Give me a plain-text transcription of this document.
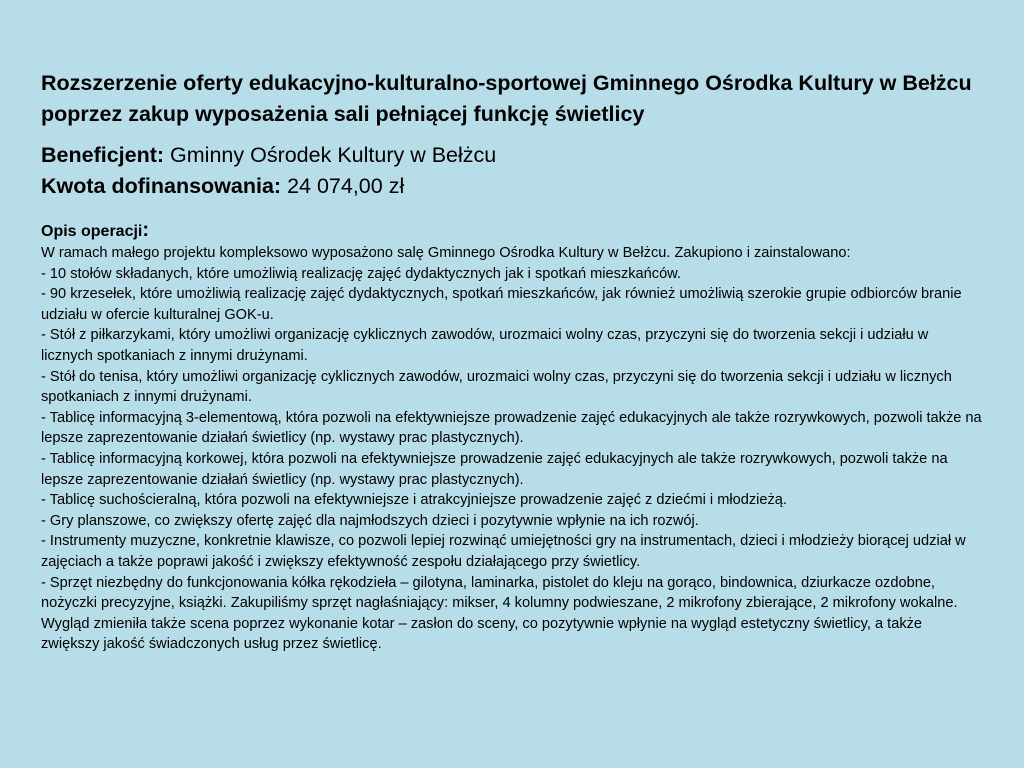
Rozszerzenie oferty edukacyjno-kulturalno-sportowej Gminnego Ośrodka Kultury w Bełżcu poprzez zakup wyposażenia sali pełniącej funkcję świetlicy
Beneficjent: Gminny Ośrodek Kultury w Bełżcu
Kwota dofinansowania: 24 074,00 zł
Opis operacji:
W ramach małego projektu kompleksowo wyposażono salę Gminnego Ośrodka Kultury w Bełżcu. Zakupiono i zainstalowano:
- 10 stołów składanych, które umożliwią realizację zajęć dydaktycznych jak i spotkań mieszkańców.
- 90 krzesełek, które umożliwią realizację zajęć dydaktycznych, spotkań mieszkańców, jak również umożliwią szerokie grupie odbiorców branie udziału w ofercie kulturalnej GOK-u.
- Stół z piłkarzykami, który umożliwi organizację cyklicznych zawodów, urozmaici wolny czas, przyczyni się do tworzenia sekcji i udziału w licznych spotkaniach z innymi drużynami.
- Stół do tenisa, który umożliwi organizację cyklicznych zawodów, urozmaici wolny czas, przyczyni się do tworzenia sekcji i udziału w licznych spotkaniach z innymi drużynami.
- Tablicę informacyjną 3-elementową, która pozwoli na efektywniejsze prowadzenie zajęć edukacyjnych ale także rozrywkowych, pozwoli także na lepsze zaprezentowanie działań świetlicy (np. wystawy prac plastycznych).
- Tablicę informacyjną korkowej, która pozwoli na efektywniejsze prowadzenie zajęć edukacyjnych ale także rozrywkowych, pozwoli także na lepsze zaprezentowanie działań świetlicy (np. wystawy prac plastycznych).
- Tablicę suchościeralną, która pozwoli na efektywniejsze i atrakcyjniejsze prowadzenie zajęć z dziećmi i młodzieżą.
- Gry planszowe, co zwiększy ofertę zajęć dla najmłodszych dzieci i pozytywnie wpłynie na ich rozwój.
- Instrumenty muzyczne, konkretnie klawisze, co pozwoli lepiej rozwinąć umiejętności gry na instrumentach, dzieci i młodzieży biorącej udział w zajęciach a także poprawi jakość i zwiększy efektywność zespołu działającego przy świetlicy.
- Sprzęt niezbędny do funkcjonowania kółka rękodzieła – gilotyna, laminarka, pistolet do kleju na gorąco, bindownica, dziurkacze ozdobne, nożyczki precyzyjne, książki. Zakupiliśmy sprzęt nagłaśniający: mikser, 4 kolumny podwieszane, 2 mikrofony zbierające, 2 mikrofony wokalne.
Wygląd zmieniła także scena poprzez wykonanie kotar – zasłon do sceny, co pozytywnie wpłynie na wygląd estetyczny świetlicy, a także zwiększy jakość świadczonych usług przez świetlicę.
